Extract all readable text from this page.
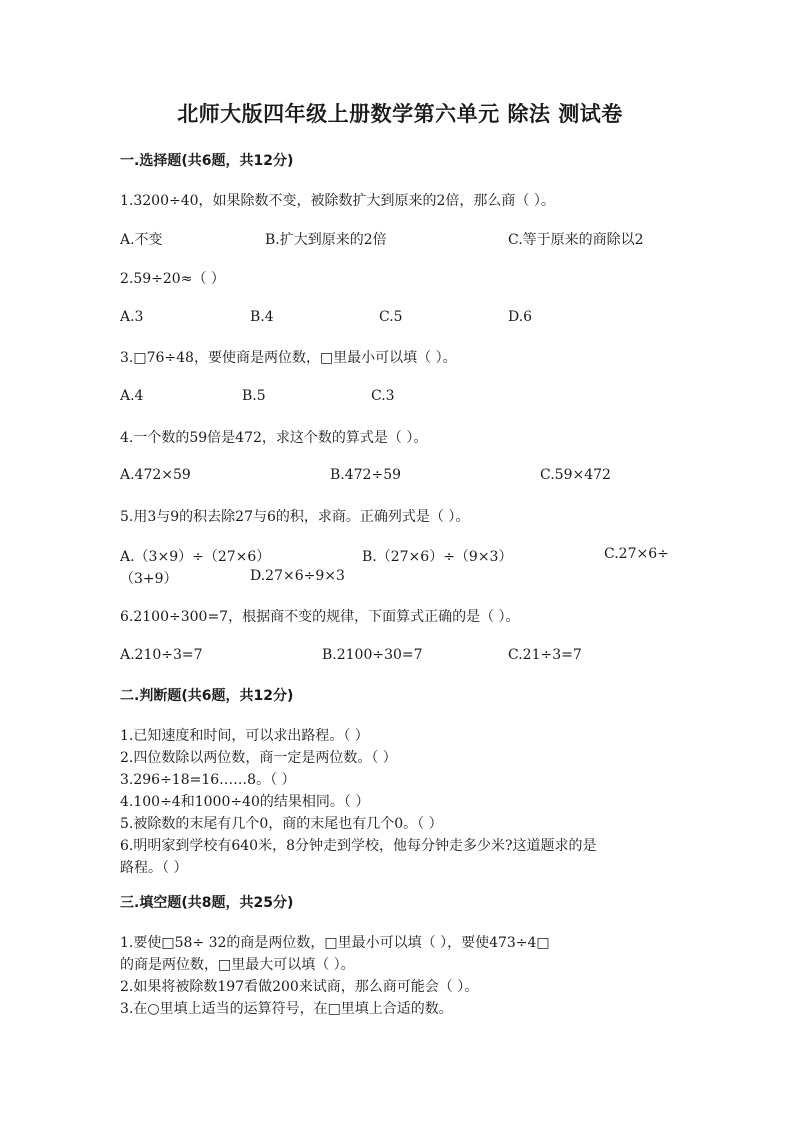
北师大版四年级上册数学第六单元 除法 测试卷
一.选择题(共6题，共12分)
1.3200÷40，如果除数不变，被除数扩大到原来的2倍，那么商（ ）。
A.不变	B.扩大到原来的2倍	C.等于原来的商除以2
2.59÷20≈（ ）
A.3	B.4	C.5	D.6
3.□76÷48，要使商是两位数，□里最小可以填（ ）。
A.4	B.5	C.3
4.一个数的59倍是472，求这个数的算式是（ ）。
A.472×59	B.472÷59	C.59×472
5.用3与9的积去除27与6的积，求商。正确列式是（ ）。
A.（3×9）÷（27×6）	B.（27×6）÷（9×3）	C.27×6÷
（3+9）	D.27×6÷9×3
6.2100÷300=7，根据商不变的规律，下面算式正确的是（ ）。
A.210÷3=7	B.2100÷30=7	C.21÷3=7
二.判断题(共6题，共12分)
1.已知速度和时间，可以求出路程。（ ）
2.四位数除以两位数，商一定是两位数。（ ）
3.296÷18=16……8。（ ）
4.100÷4和1000÷40的结果相同。（ ）
5.被除数的末尾有几个0，商的末尾也有几个0。（ ）
6.明明家到学校有640米，8分钟走到学校，他每分钟走多少米?这道题求的是
路程。（ ）
三.填空题(共8题，共25分)
1.要使□58÷ 32的商是两位数，□里最小可以填（ ），要使473÷4□
的商是两位数，□里最大可以填（ ）。
2.如果将被除数197看做200来试商，那么商可能会（ ）。
3.在○里填上适当的运算符号，在□里填上合适的数。
